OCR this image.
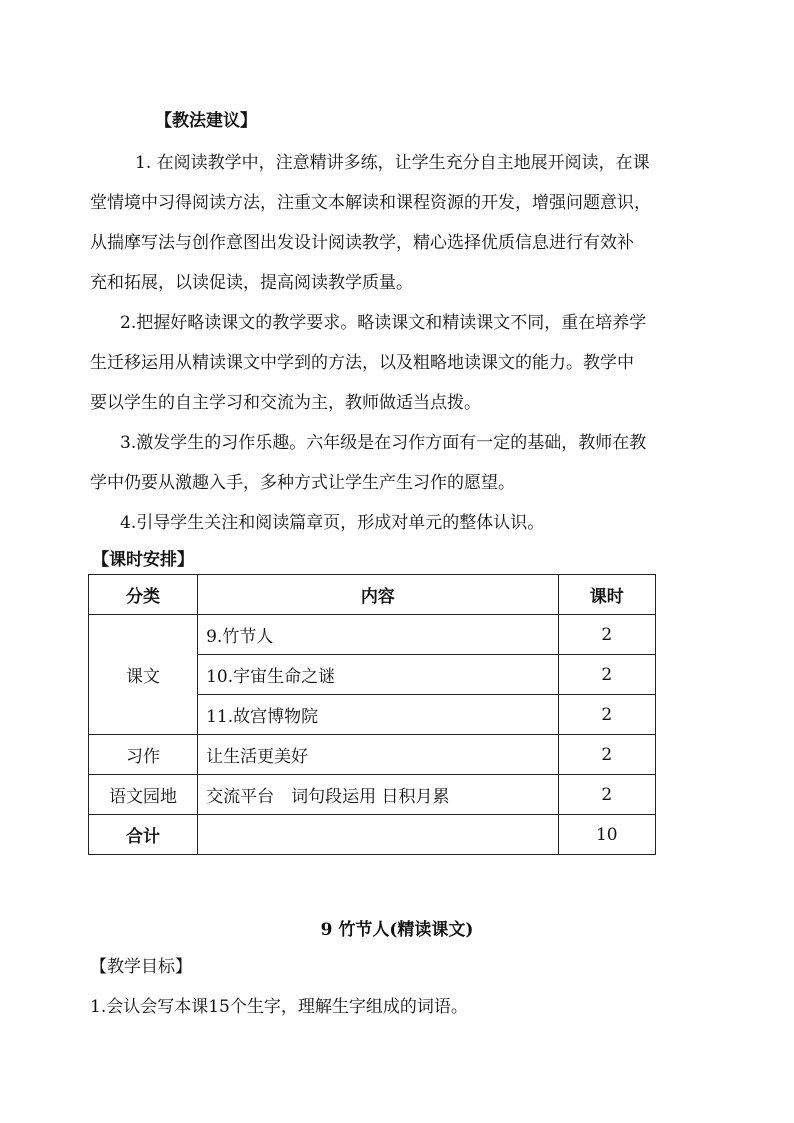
【教法建议】

　1. 在阅读教学中，注意精讲多练，让学生充分自主地展开阅读，在课

堂情境中习得阅读方法，注重文本解读和课程资源的开发，增强问题意识，

从揣摩写法与创作意图出发设计阅读教学，精心选择优质信息进行有效补

充和拓展，以读促读，提高阅读教学质量。

2.把握好略读课文的教学要求。略读课文和精读课文不同，重在培养学

生迁移运用从精读课文中学到的方法，以及粗略地读课文的能力。教学中

要以学生的自主学习和交流为主，教师做适当点拨。

3.激发学生的习作乐趣。六年级是在习作方面有一定的基础，教师在教

学中仍要从激趣入手，多种方式让学生产生习作的愿望。

4.引导学生关注和阅读篇章页，形成对单元的整体认识。

【课时安排】
分类	内容	课时
课文	9.竹节人	2
	10.宇宙生命之谜	2
	11.故宫博物院	2
习作	让生活更美好	2
语文园地	交流平台　词句段运用 日积月累	2
合计		10
9 竹节人(精读课文)
【教学目标】
1.会认会写本课15个生字，理解生字组成的词语。
